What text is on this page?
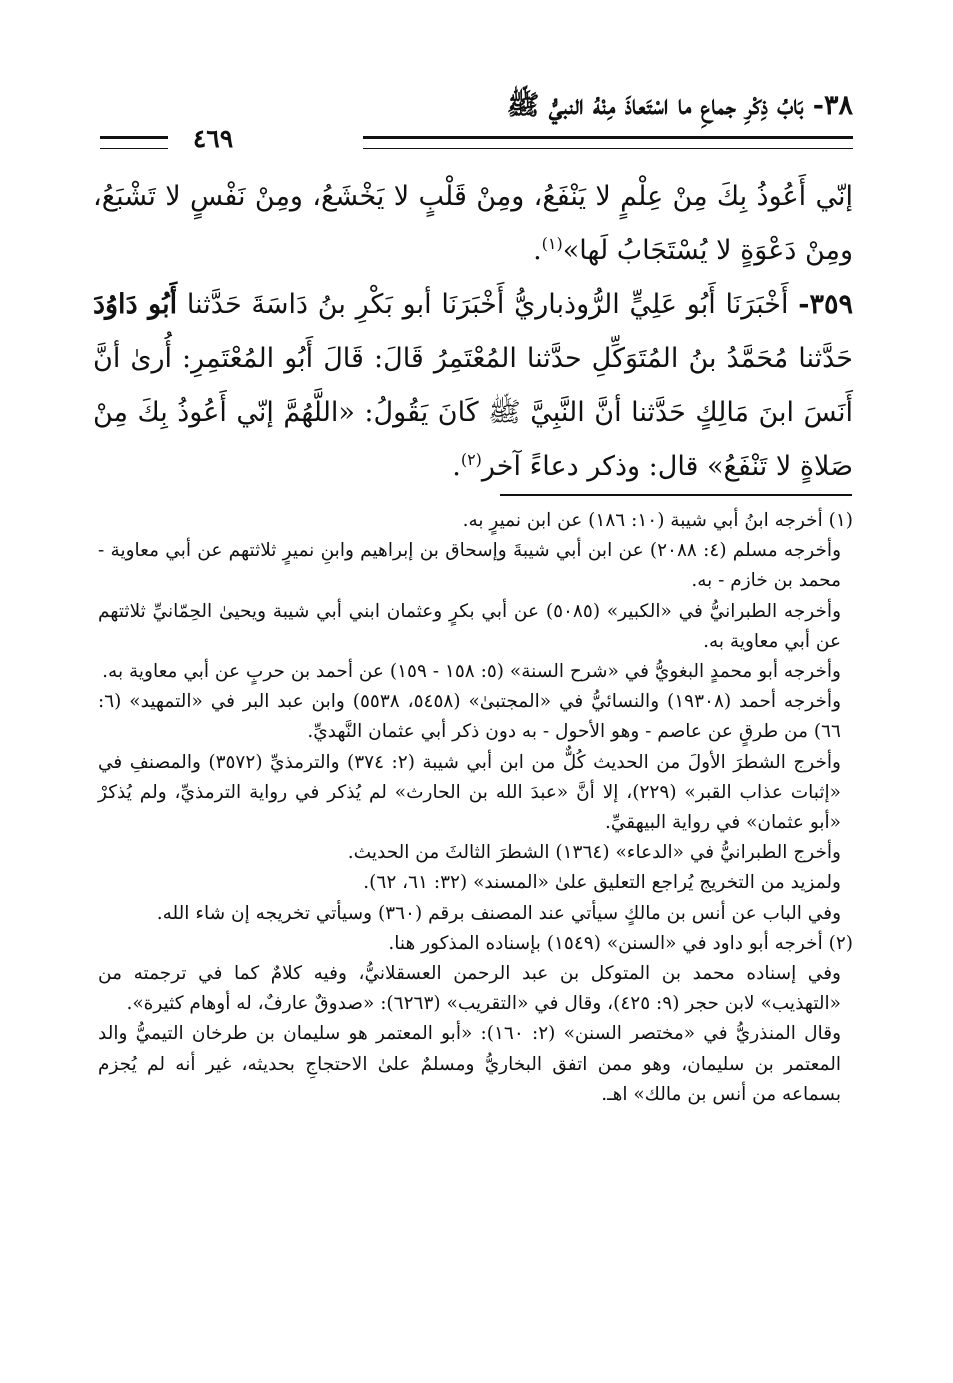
٣٨- بَابُ ذِكْرِ جماعِ ما اسْتَعاذَ مِنْهُ النبيُّ ﷺ
٤٦٩
إنّي أَعُوذُ بِكَ مِنْ عِلْمٍ لا يَنْفَعُ، ومِنْ قَلْبٍ لا يَخْشَعُ، ومِنْ نَفْسٍ لا تَشْبَعُ، ومِنْ دَعْوَةٍ لا يُسْتَجَابُ لَها»$^{(١)}$.
٣٥٩- أَخْبَرَنَا أَبُو عَلِيٍّ الرُّوذباريُّ أَخْبَرَنَا أبو بَكْرِ بنُ دَاسَةَ حَدَّثنا أَبُو دَاوُدَ حَدَّثنا مُحَمَّدُ بنُ المُتَوَكِّلِ حدَّثنا المُعْتَمِرُ قَالَ: قَالَ أَبُو المُعْتَمِرِ: أُرىٰ أنَّ أَنَسَ ابنَ مَالِكٍ حَدَّثنا أنَّ النَّبِيَّ ﷺ كَانَ يَقُولُ: «اللَّهُمَّ إنّي أَعُوذُ بِكَ مِنْ صَلاةٍ لا تَنْفَعُ» قال: وذكر دعاءً آخر$^{(٢)}$.

(١) أخرجه ابنُ أبي شيبة (١٠: ١٨٦) عن ابن نميرٍ به.

وأخرجه مسلم (٤: ٢٠٨٨) عن ابن أبي شيبةَ وإسحاق بن إبراهيم وابنِ نميرٍ ثلاثتهم عن أبي معاوية - محمد بن خازم - به.

وأخرجه الطبرانيُّ في «الكبير» (٥٠٨٥) عن أبي بكرٍ وعثمان ابني أبي شيبة ويحيىٰ الحِمّانيِّ ثلاثتهم عن أبي معاوية به.

وأخرجه أبو محمدٍ البغويُّ في «شرح السنة» (٥: ١٥٨ - ١٥٩) عن أحمد بن حربٍ عن أبي معاوية به.

وأخرجه أحمد (١٩٣٠٨) والنسائيُّ في «المجتبىٰ» (٥٤٥٨، ٥٥٣٨) وابن عبد البر في «التمهيد» (٦: ٦٦) من طرقٍ عن عاصم - وهو الأحول - به دون ذكر أبي عثمان النَّهديِّ.

وأخرج الشطرَ الأولَ من الحديث كُلٌّ من ابن أبي شيبة (٢: ٣٧٤) والترمذيِّ (٣٥٧٢) والمصنفِ في «إثبات عذاب القبر» (٢٢٩)، إلا أنَّ «عبدَ الله بن الحارث» لم يُذكر في رواية الترمذيِّ، ولم يُذكرْ «أبو عثمان» في رواية البيهقيِّ.

وأخرج الطبرانيُّ في «الدعاء» (١٣٦٤) الشطرَ الثالثَ من الحديث.

ولمزيد من التخريج يُراجع التعليق علىٰ «المسند» (٣٢: ٦١، ٦٢).

وفي الباب عن أنس بن مالكٍ سيأتي عند المصنف برقم (٣٦٠) وسيأتي تخريجه إن شاء الله.

(٢) أخرجه أبو داود في «السنن» (١٥٤٩) بإسناده المذكور هنا.

وفي إسناده محمد بن المتوكل بن عبد الرحمن العسقلانيُّ، وفيه كلامٌ كما في ترجمته من «التهذيب» لابن حجر (٩: ٤٢٥)، وقال في «التقريب» (٦٢٦٣): «صدوقٌ عارفٌ، له أوهام كثيرة».

وقال المنذريُّ في «مختصر السنن» (٢: ١٦٠): «أبو المعتمر هو سليمان بن طرخان التيميُّ والد المعتمر بن سليمان، وهو ممن اتفق البخاريُّ ومسلمٌ علىٰ الاحتجاجِ بحديثه، غير أنه لم يُجزم بسماعه من أنس بن مالك» اهـ.
